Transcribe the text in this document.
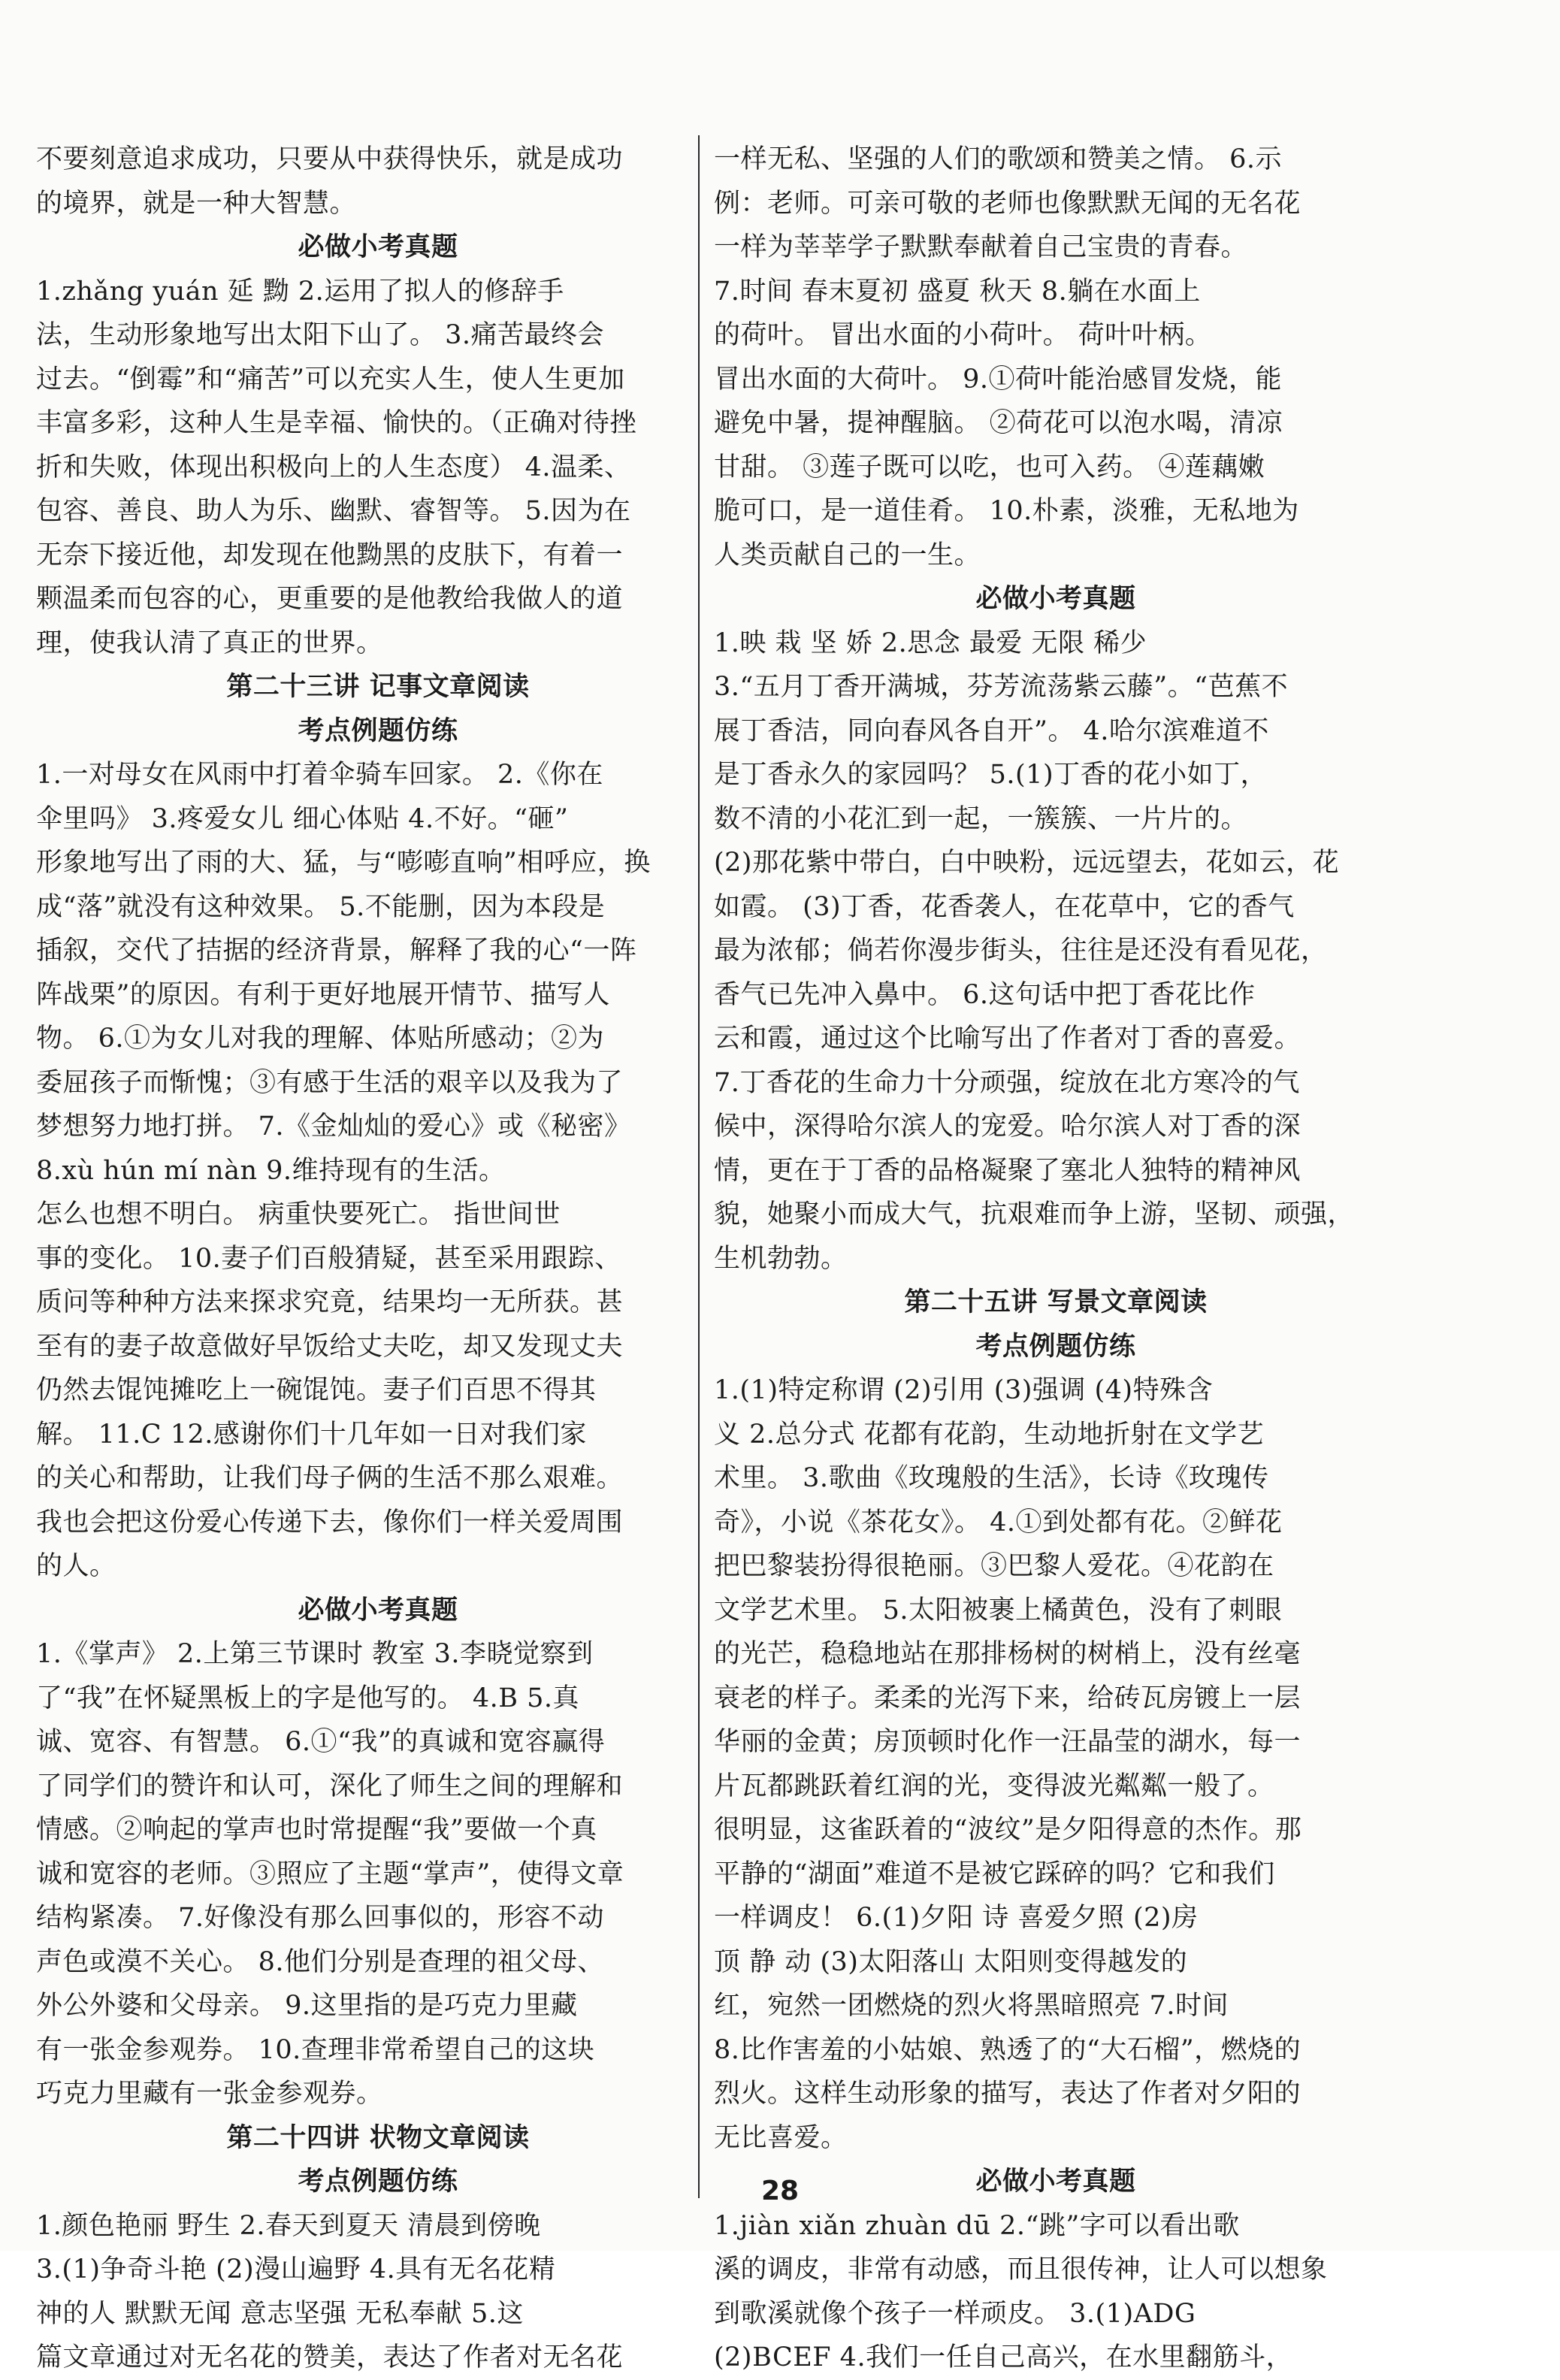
不要刻意追求成功，只要从中获得快乐，就是成功
的境界，就是一种大智慧。
必做小考真题
1.zhǎng yuán 延 黝 2.运用了拟人的修辞手
法，生动形象地写出太阳下山了。 3.痛苦最终会
过去。“倒霉”和“痛苦”可以充实人生，使人生更加
丰富多彩，这种人生是幸福、愉快的。（正确对待挫
折和失败，体现出积极向上的人生态度） 4.温柔、
包容、善良、助人为乐、幽默、睿智等。 5.因为在
无奈下接近他，却发现在他黝黑的皮肤下，有着一
颗温柔而包容的心，更重要的是他教给我做人的道
理，使我认清了真正的世界。
第二十三讲 记事文章阅读
考点例题仿练
1.一对母女在风雨中打着伞骑车回家。 2.《你在
伞里吗》 3.疼爱女儿 细心体贴 4.不好。“砸”
形象地写出了雨的大、猛，与“嘭嘭直响”相呼应，换
成“落”就没有这种效果。 5.不能删，因为本段是
插叙，交代了拮据的经济背景，解释了我的心“一阵
阵战栗”的原因。有利于更好地展开情节、描写人
物。 6.①为女儿对我的理解、体贴所感动；②为
委屈孩子而惭愧；③有感于生活的艰辛以及我为了
梦想努力地打拼。 7.《金灿灿的爱心》或《秘密》
8.xù hún mí nàn 9.维持现有的生活。
怎么也想不明白。 病重快要死亡。 指世间世
事的变化。 10.妻子们百般猜疑，甚至采用跟踪、
质问等种种方法来探求究竟，结果均一无所获。甚
至有的妻子故意做好早饭给丈夫吃，却又发现丈夫
仍然去馄饨摊吃上一碗馄饨。妻子们百思不得其
解。 11.C 12.感谢你们十几年如一日对我们家
的关心和帮助，让我们母子俩的生活不那么艰难。
我也会把这份爱心传递下去，像你们一样关爱周围
的人。
必做小考真题
1.《掌声》 2.上第三节课时 教室 3.李晓觉察到
了“我”在怀疑黑板上的字是他写的。 4.B 5.真
诚、宽容、有智慧。 6.①“我”的真诚和宽容赢得
了同学们的赞许和认可，深化了师生之间的理解和
情感。②响起的掌声也时常提醒“我”要做一个真
诚和宽容的老师。③照应了主题“掌声”，使得文章
结构紧凑。 7.好像没有那么回事似的，形容不动
声色或漠不关心。 8.他们分别是查理的祖父母、
外公外婆和父母亲。 9.这里指的是巧克力里藏
有一张金参观券。 10.查理非常希望自己的这块
巧克力里藏有一张金参观券。
第二十四讲 状物文章阅读
考点例题仿练
1.颜色艳丽 野生 2.春天到夏天 清晨到傍晚
3.(1)争奇斗艳 (2)漫山遍野 4.具有无名花精
神的人 默默无闻 意志坚强 无私奉献 5.这
篇文章通过对无名花的赞美，表达了作者对无名花
一样无私、坚强的人们的歌颂和赞美之情。 6.示
例：老师。可亲可敬的老师也像默默无闻的无名花
一样为莘莘学子默默奉献着自己宝贵的青春。
7.时间 春末夏初 盛夏 秋天 8.躺在水面上
的荷叶。 冒出水面的小荷叶。 荷叶叶柄。
冒出水面的大荷叶。 9.①荷叶能治感冒发烧，能
避免中暑，提神醒脑。 ②荷花可以泡水喝，清凉
甘甜。 ③莲子既可以吃，也可入药。 ④莲藕嫩
脆可口，是一道佳肴。 10.朴素，淡雅，无私地为
人类贡献自己的一生。
必做小考真题
1.映 栽 坚 娇 2.思念 最爱 无限 稀少
3.“五月丁香开满城，芬芳流荡紫云藤”。“芭蕉不
展丁香洁，同向春风各自开”。 4.哈尔滨难道不
是丁香永久的家园吗？ 5.(1)丁香的花小如丁，
数不清的小花汇到一起，一簇簇、一片片的。
(2)那花紫中带白，白中映粉，远远望去，花如云，花
如霞。 (3)丁香，花香袭人，在花草中，它的香气
最为浓郁；倘若你漫步街头，往往是还没有看见花，
香气已先冲入鼻中。 6.这句话中把丁香花比作
云和霞，通过这个比喻写出了作者对丁香的喜爱。
7.丁香花的生命力十分顽强，绽放在北方寒冷的气
候中，深得哈尔滨人的宠爱。哈尔滨人对丁香的深
情，更在于丁香的品格凝聚了塞北人独特的精神风
貌，她聚小而成大气，抗艰难而争上游，坚韧、顽强，
生机勃勃。
第二十五讲 写景文章阅读
考点例题仿练
1.(1)特定称谓 (2)引用 (3)强调 (4)特殊含
义 2.总分式 花都有花韵，生动地折射在文学艺
术里。 3.歌曲《玫瑰般的生活》，长诗《玫瑰传
奇》，小说《茶花女》。 4.①到处都有花。②鲜花
把巴黎装扮得很艳丽。③巴黎人爱花。④花韵在
文学艺术里。 5.太阳被裹上橘黄色，没有了刺眼
的光芒，稳稳地站在那排杨树的树梢上，没有丝毫
衰老的样子。柔柔的光泻下来，给砖瓦房镀上一层
华丽的金黄；房顶顿时化作一汪晶莹的湖水，每一
片瓦都跳跃着红润的光，变得波光粼粼一般了。
很明显，这雀跃着的“波纹”是夕阳得意的杰作。那
平静的“湖面”难道不是被它踩碎的吗？它和我们
一样调皮！ 6.(1)夕阳 诗 喜爱夕照 (2)房
顶 静 动 (3)太阳落山 太阳则变得越发的
红，宛然一团燃烧的烈火将黑暗照亮 7.时间
8.比作害羞的小姑娘、熟透了的“大石榴”，燃烧的
烈火。这样生动形象的描写，表达了作者对夕阳的
无比喜爱。
必做小考真题
1.jiàn xiǎn zhuàn dū 2.“跳”字可以看出歌
溪的调皮，非常有动感，而且很传神，让人可以想象
到歌溪就像个孩子一样顽皮。 3.(1)ADG
(2)BCEF 4.我们一任自己高兴，在水里翻筋斗，
28
